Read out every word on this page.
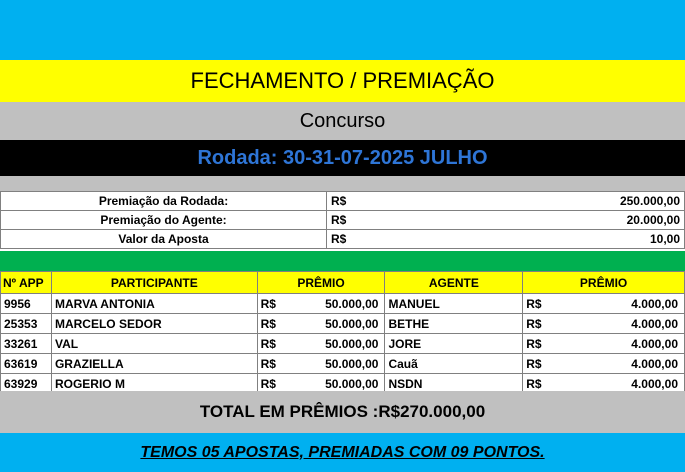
FECHAMENTO / PREMIAÇÃO
Concurso
Rodada: 30-31-07-2025 JULHO
Premiação da Rodada:	R$	250.000,00
Premiação do Agente:	R$	20.000,00
Valor da Aposta	R$	10,00
Nº APP	PARTICIPANTE	PRÊMIO		AGENTE	PRÊMIO	
9956	MARVA ANTONIA	R$	50.000,00	MANUEL	R$	4.000,00
25353	MARCELO SEDOR	R$	50.000,00	BETHE	R$	4.000,00
33261	VAL	R$	50.000,00	JORE	R$	4.000,00
63619	GRAZIELLA	R$	50.000,00	Cauã	R$	4.000,00
63929	ROGERIO M	R$	50.000,00	NSDN	R$	4.000,00
TOTAL EM PRÊMIOS :R$270.000,00
TEMOS 05 APOSTAS, PREMIADAS COM 09 PONTOS.
